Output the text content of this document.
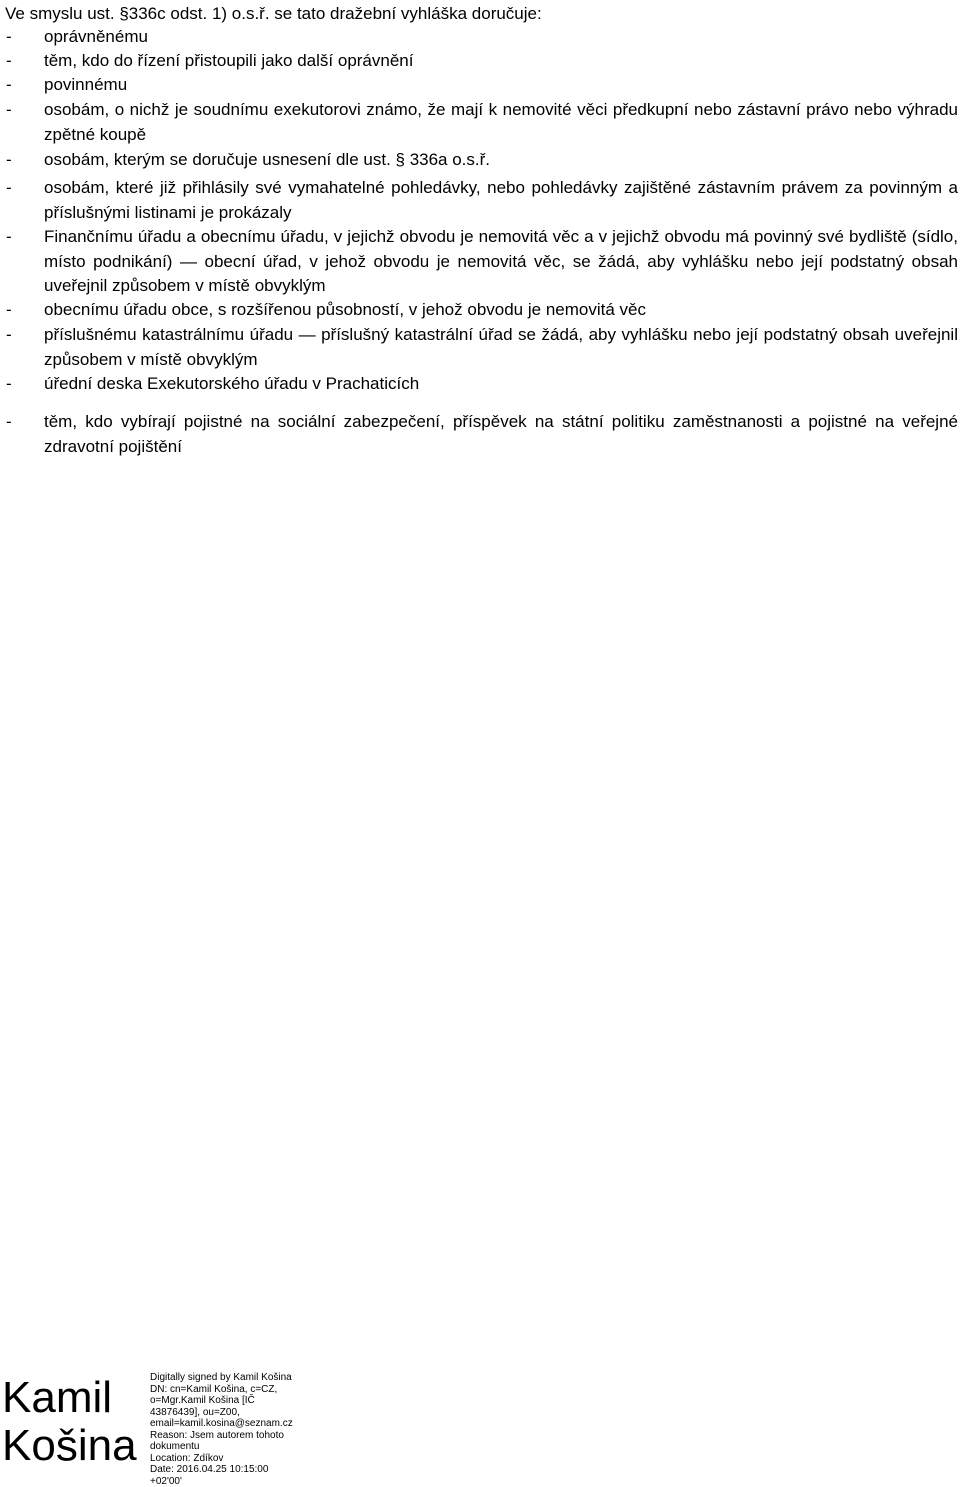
Ve smyslu ust. §336c odst. 1) o.s.ř. se tato dražební vyhláška doručuje:
- oprávněnému
- těm, kdo do řízení přistoupili jako další oprávnění
- povinnému
- osobám, o nichž je soudnímu exekutorovi známo, že mají k nemovité věci předkupní nebo zástavní právo nebo výhradu zpětné koupě
- osobám, kterým se doručuje usnesení dle ust. § 336a o.s.ř.
- osobám, které již přihlásily své vymahatelné pohledávky, nebo pohledávky zajištěné zástavním právem za povinným a příslušnými listinami je prokázaly
- Finančnímu úřadu a obecnímu úřadu, v jejichž obvodu je nemovitá věc a v jejichž obvodu má povinný své bydliště (sídlo, místo podnikání) — obecní úřad, v jehož obvodu je nemovitá věc, se žádá, aby vyhlášku nebo její podstatný obsah uveřejnil způsobem v místě obvyklým
- obecnímu úřadu obce, s rozšířenou působností, v jehož obvodu je nemovitá věc
- příslušnému katastrálnímu úřadu — příslušný katastrální úřad se žádá, aby vyhlášku nebo její podstatný obsah uveřejnil způsobem v místě obvyklým
- úřední deska Exekutorského úřadu v Prachaticích
- těm, kdo vybírají pojistné na sociální zabezpečení, příspěvek na státní politiku zaměstnanosti a pojistné na veřejné zdravotní pojištění
Kamil
Košina
Digitally signed by Kamil Košina
DN: cn=Kamil Košina, c=CZ,
o=Mgr.Kamil Košina [IČ
43876439], ou=Z00,
email=kamil.kosina@seznam.cz
Reason: Jsem autorem tohoto
dokumentu
Location: Zdíkov
Date: 2016.04.25 10:15:00
+02'00'
